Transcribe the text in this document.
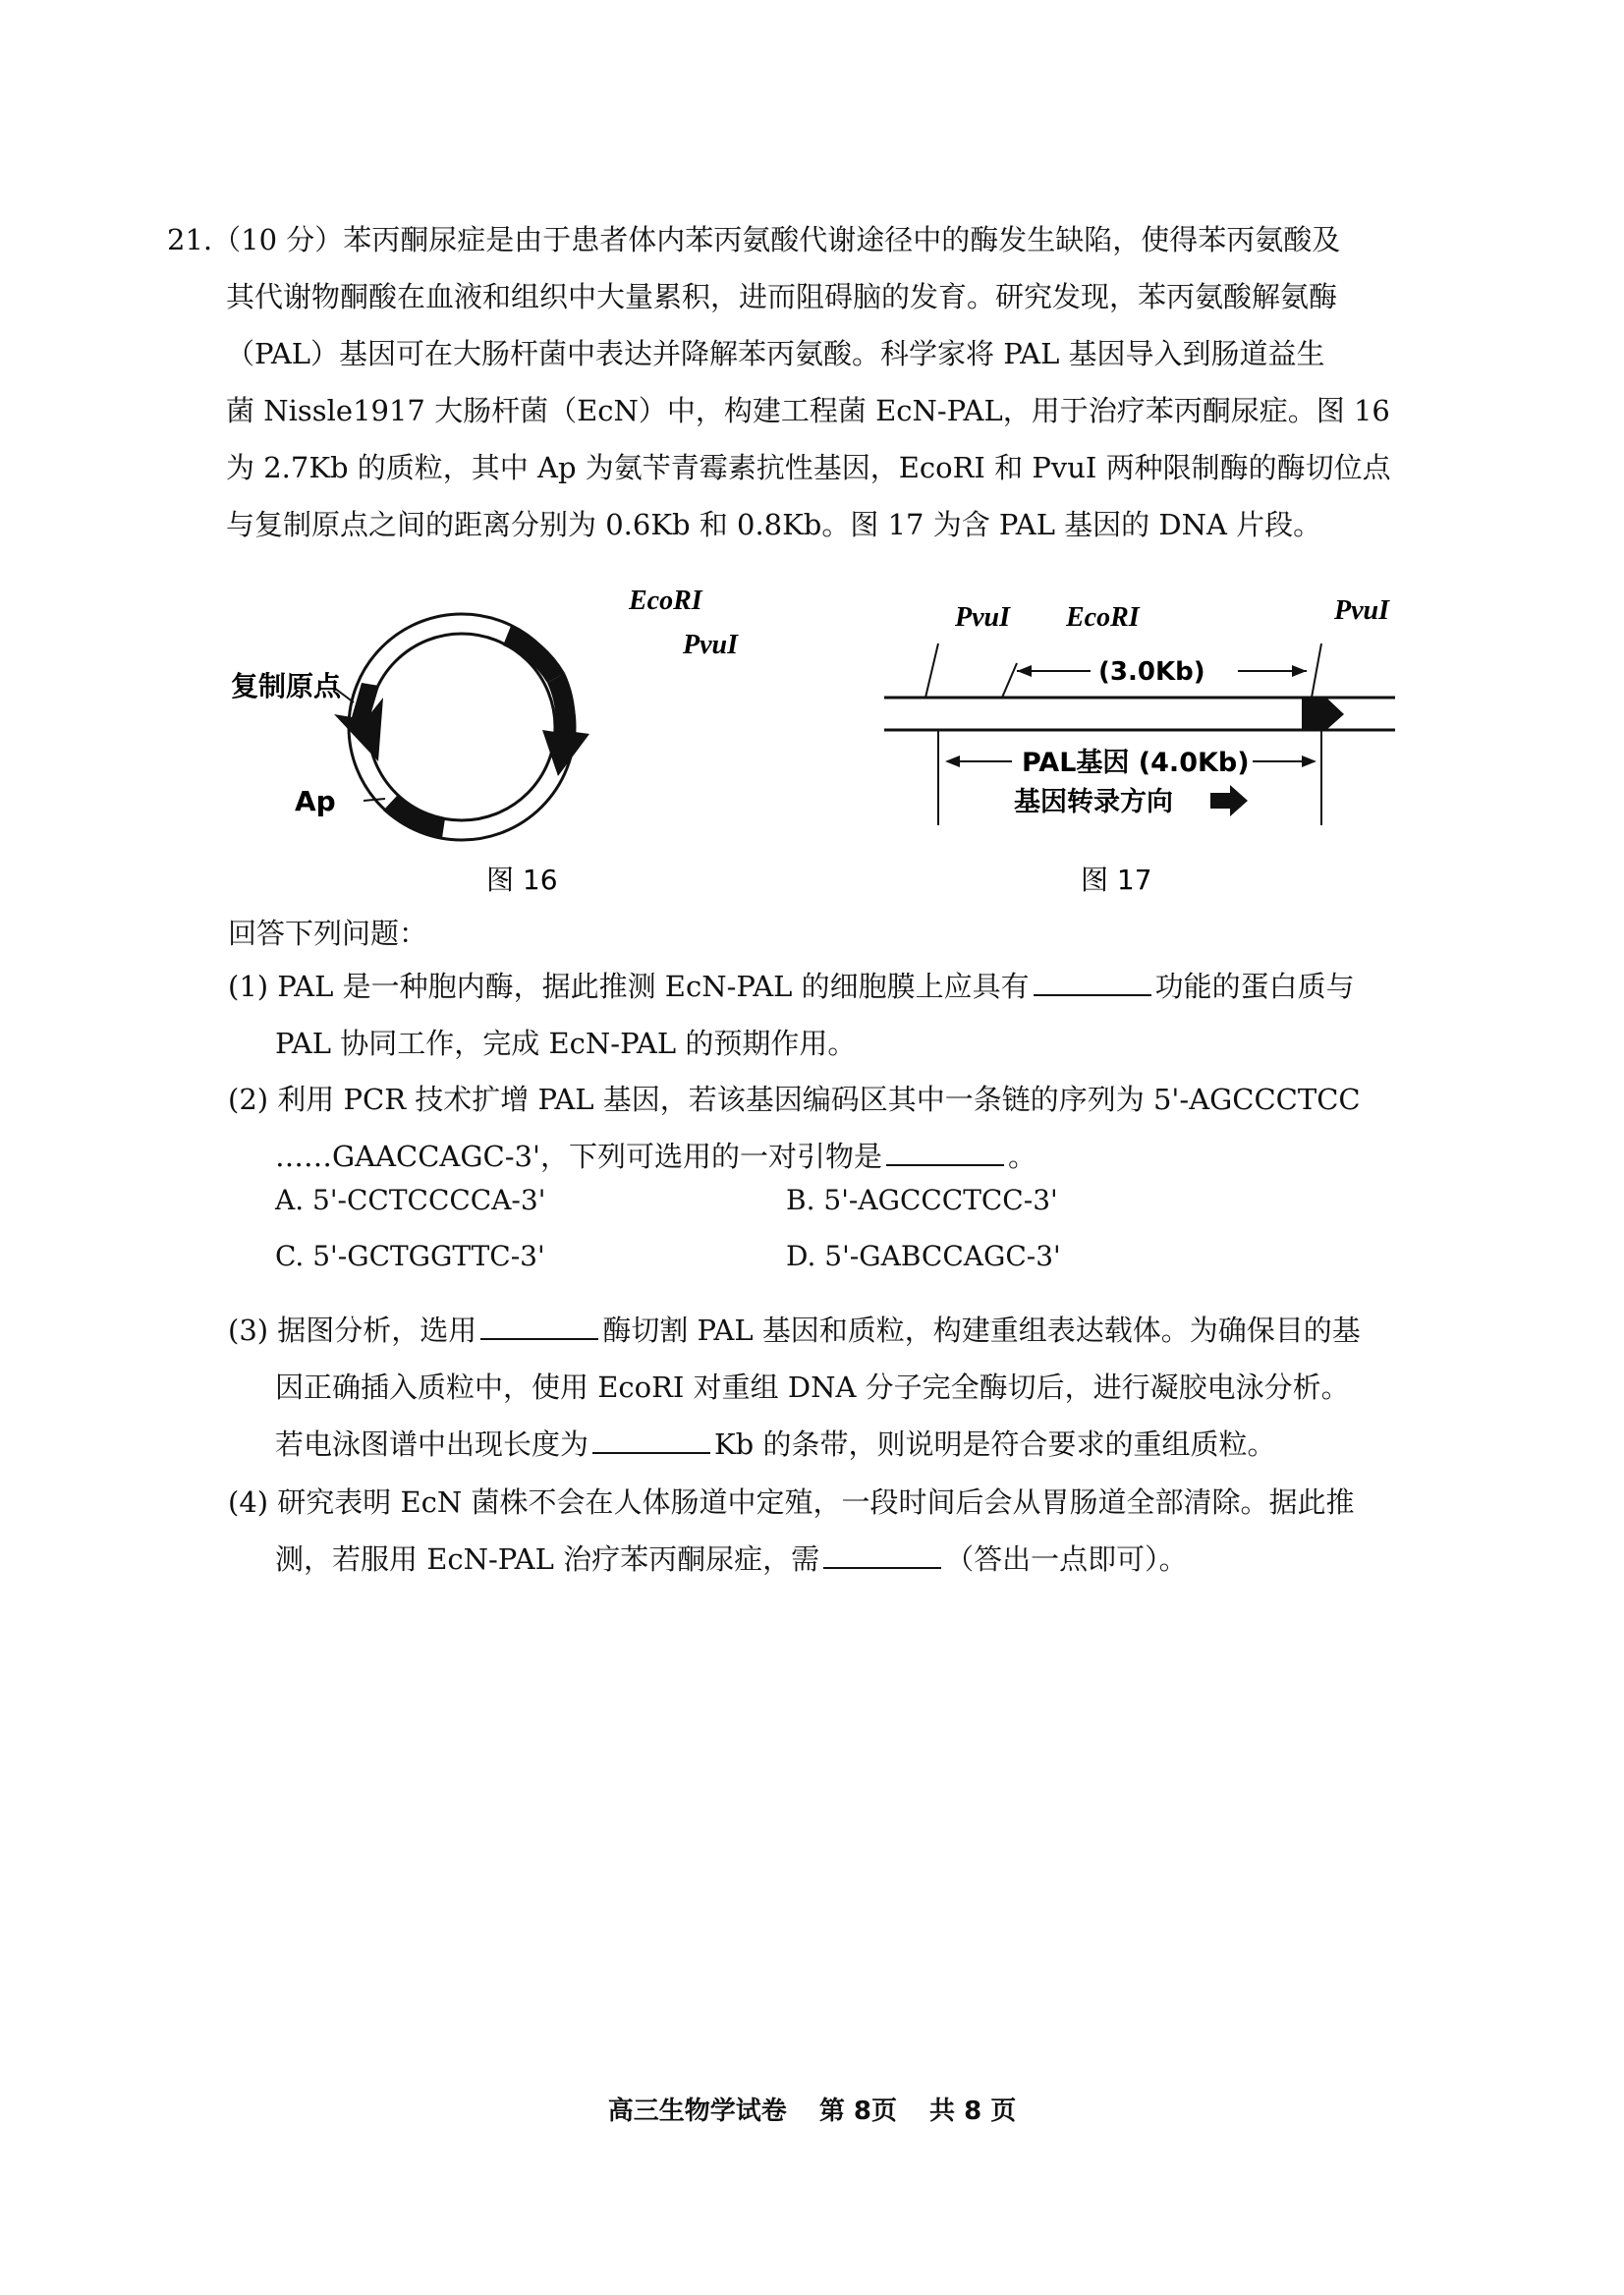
21.（10 分）苯丙酮尿症是由于患者体内苯丙氨酸代谢途径中的酶发生缺陷，使得苯丙氨酸及
其代谢物酮酸在血液和组织中大量累积，进而阻碍脑的发育。研究发现，苯丙氨酸解氨酶
（PAL）基因可在大肠杆菌中表达并降解苯丙氨酸。科学家将 PAL 基因导入到肠道益生
菌 Nissle1917 大肠杆菌（EcN）中，构建工程菌 EcN-PAL，用于治疗苯丙酮尿症。图 16
为 2.7Kb 的质粒，其中 Ap 为氨苄青霉素抗性基因，EcoRI 和 PvuI 两种限制酶的酶切位点
与复制原点之间的距离分别为 0.6Kb 和 0.8Kb。图 17 为含 PAL 基因的 DNA 片段。
EcoRI
PvuI
复制原点
Ap
图 16
PvuI EcoRI	PvuI
(3.0Kb)
PAL基因 (4.0Kb)
基因转录方向
图 17
回答下列问题：
(1) PAL 是一种胞内酶，据此推测 EcN-PAL 的细胞膜上应具有	功能的蛋白质与
PAL 协同工作，完成 EcN-PAL 的预期作用。
(2) 利用 PCR 技术扩增 PAL 基因，若该基因编码区其中一条链的序列为 5'-AGCCCTCC
……GAACCAGC-3'，下列可选用的一对引物是	。
A. 5'-CCTCCCCA-3'	B. 5'-AGCCCTCC-3'
C. 5'-GCTGGTTC-3'	D. 5'-GABCCAGC-3'
(3) 据图分析，选用	酶切割 PAL 基因和质粒，构建重组表达载体。为确保目的基
因正确插入质粒中，使用 EcoRI 对重组 DNA 分子完全酶切后，进行凝胶电泳分析。
若电泳图谱中出现长度为	Kb 的条带，则说明是符合要求的重组质粒。
(4) 研究表明 EcN 菌株不会在人体肠道中定殖，一段时间后会从胃肠道全部清除。据此推
测，若服用 EcN-PAL 治疗苯丙酮尿症，需	（答出一点即可）。
高三生物学试卷 第 8页 共 8 页
